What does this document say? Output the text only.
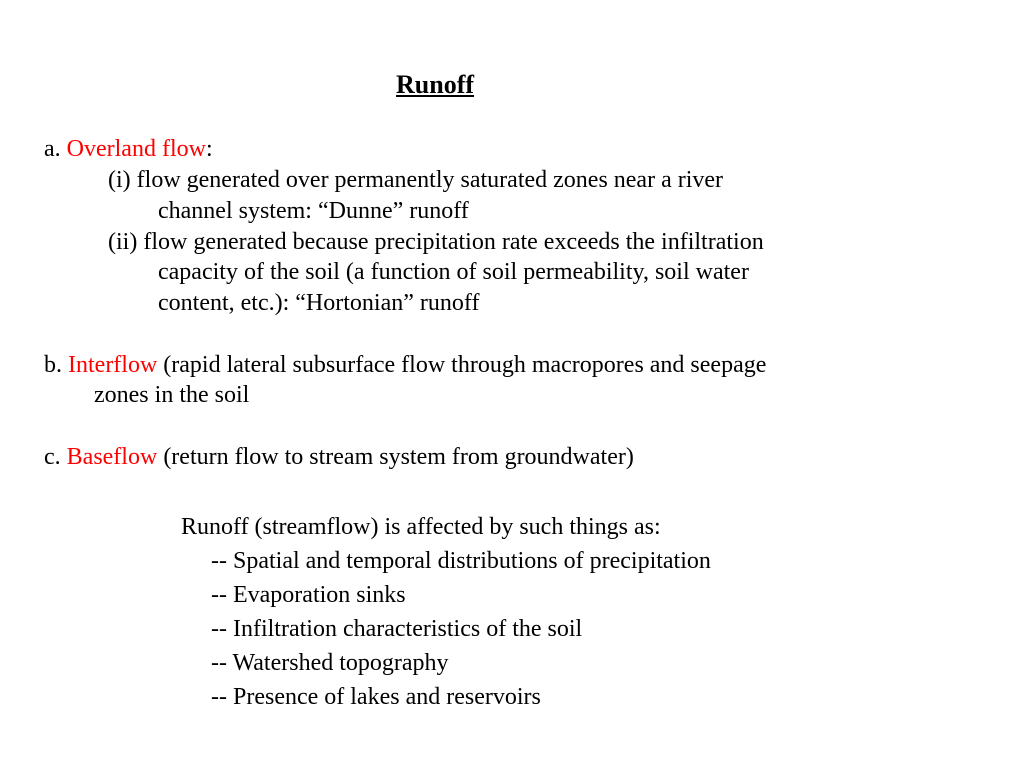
Runoff
a. Overland flow:
(i) flow generated over permanently saturated zones near a river
channel system: “Dunne” runoff
(ii) flow generated because precipitation rate exceeds the infiltration
capacity of the soil (a function of soil permeability, soil water
content, etc.): “Hortonian” runoff
b. Interflow (rapid lateral subsurface flow through macropores and seepage
zones in the soil
c. Baseflow (return flow to stream system from groundwater)
Runoff (streamflow) is affected by such things as:
-- Spatial and temporal distributions of precipitation
-- Evaporation sinks
-- Infiltration characteristics of the soil
-- Watershed topography
-- Presence of lakes and reservoirs
